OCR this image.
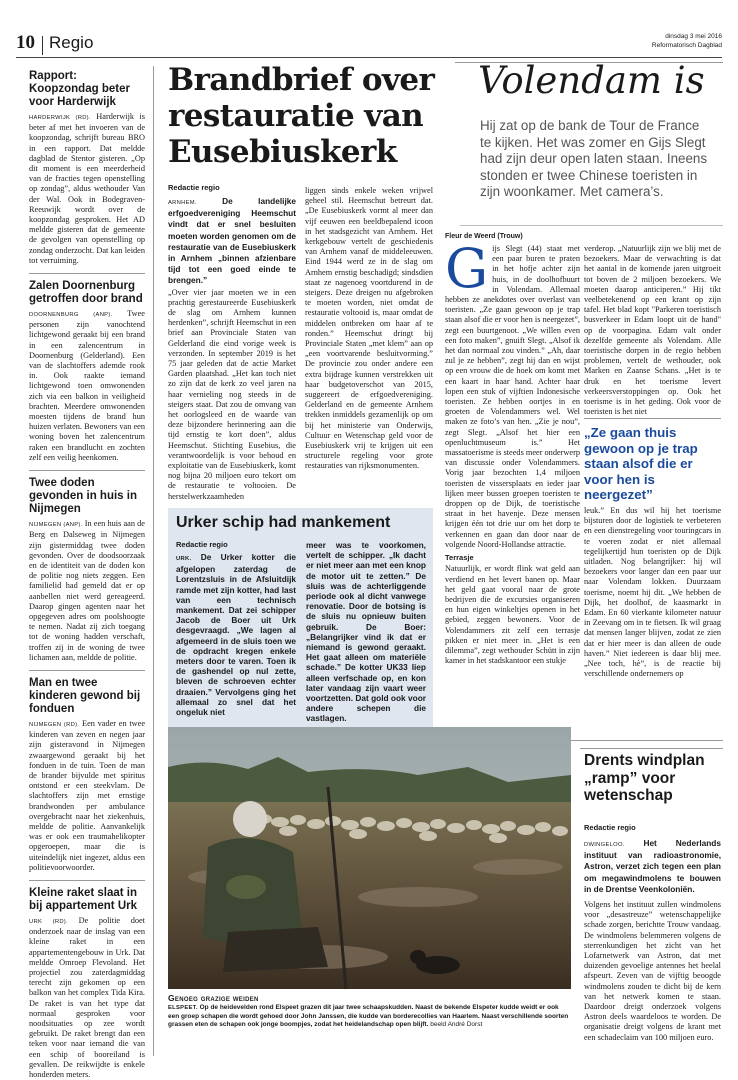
10 Regio	dinsdag 3 mei 2016
Reformatorisch Dagblad
Rapport: Koopzondag beter voor Harderwijk
HARDERWIJK (RD). Harderwijk is beter af met het invoeren van de koopzondag, schrijft bureau BRO in een rapport. Dat meldde dagblad de Stentor gisteren. „Op dit moment is een meerderheid van de fracties tegen openstelling op zondag”, aldus wethouder Van der Wal. Ook in Bodegraven-Reeuwijk wordt over de koopzondag gesproken. Het AD meldde gisteren dat de gemeente de gevolgen van openstelling op zondag onderzocht. Dat kan leiden tot verruiming.
Zalen Doornenburg getroffen door brand
DOORNENBURG (ANP). Twee personen zijn vanochtend lichtgewond geraakt bij een brand in een zalencentrum in Doornenburg (Gelderland). Een van de slachtoffers ademde rook in. Ook raakte iemand lichtgewond toen omwonenden zich via een balkon in veiligheid brachten. Meerdere omwonenden moesten tijdens de brand hun huizen verlaten. Bewoners van een woning boven het zalencentrum raken een brandlucht en zochten zelf een veilig heenkomen.
Twee doden gevonden in huis in Nijmegen
NIJMEGEN (ANP). In een huis aan de Berg en Dalseweg in Nijmegen zijn gistermiddag twee doden gevonden. Over de doodsoorzaak en de identiteit van de doden kon de politie nog niets zeggen. Een familielid had gemeld dat er op aanbellen niet werd gereageerd. Daarop gingen agenten naar het opgegeven adres om poolshoogte te nemen. Nadat zij zich toegang tot de woning hadden verschaft, troffen zij in de woning de twee lichamen aan, meldde de politie.
Man en twee kinderen gewond bij fonduen
NIJMEGEN (RD). Een vader en twee kinderen van zeven en negen jaar zijn gisteravond in Nijmegen zwaargewond geraakt bij het fonduen in de tuin. Toen de man de brander bijvulde met spiritus ontstond er een steekvlam. De slachtoffers zijn met ernstige brandwonden per ambulance overgebracht naar het ziekenhuis, meldde de politie. Aanvankelijk was er ook een traumahelikopter opgeroepen, maar die is uiteindelijk niet ingezet, aldus een politievoorwoorder.
Kleine raket slaat in bij appartement Urk
URK (RD). De politie doet onderzoek naar de inslag van een kleine raket in een appartementengebouw in Urk. Dat meldde Omroep Flevoland. Het projectiel zou zaterdagmiddag terecht zijn gekomen op een balkon van het complex Tida Kira. De raket is van het type dat normaal gesproken voor noodsituaties op zee wordt gebruikt. De raket brengt dan een teken voor naar iemand die van een schip of booreiland is gevallen. De reikwijdte is enkele honderden meters.
Brandbrief over restauratie van Eusebiuskerk
Redactie regio

ARNHEM.	De landelijke erfgoedvereniging Heemschut vindt dat er snel besluiten moeten worden genomen om de restauratie van de Eusebiuskerk in Arnhem „binnen afzienbare tijd tot een goed einde te brengen.”

„Over vier jaar moeten we in een prachtig gerestaureerde Eusebiuskerk de slag om Arnhem kunnen herdenken”, schrijft Heemschut in een brief aan Provinciale Staten van Gelderland die eind vorige week is verzonden. In september 2019 is het 75 jaar geleden dat de actie Market Garden plaatshad. „Het kan toch niet zo zijn dat de kerk zo veel jaren na haar vernieling nog steeds in de steigers staat. Dat zou de omvang van het oorlogsleed en de waarde van deze bijzondere herinnering aan die tijd ernstig te kort doen”, aldus Heemschut. Stichting Eusebius, die verantwoordelijk is voor behoud en exploitatie van de Eusebiuskerk, komt nog bijna 20 miljoen euro tekort om de restauratie te voltooien. De herstelwerkzaamheden

liggen sinds enkele weken vrijwel geheel stil. Heemschut betreurt dat. „De Eusebiuskerk vormt al meer dan vijf eeuwen een beeldbepalend icoon in het stadsgezicht van Arnhem. Het kerkgebouw vertelt de geschiedenis van Arnhem vanaf de middeleeuwen. Eind 1944 werd ze in de slag om Arnhem ernstig beschadigd; sindsdien staat ze nagenoeg voortdurend in de steigers. Deze dreigen nu afgebroken te moeten worden, niet omdat de restauratie voltooid is, maar omdat de middelen ontbreken om haar af te ronden.” Heemschut dringt bij Provinciale Staten „met klem” aan op „een voortvarende besluitvorming.” De provincie zou onder andere een extra bijdrage kunnen verstrekken uit haar budgetoverschot van 2015, suggereert de erfgoedvereniging. Gelderland en de gemeente Arnhem trekken inmiddels gezamenlijk op om bij het ministerie van Onderwijs, Cultuur en Wetenschap geld voor de Eusebiuskerk vrij te krijgen uit een structurele regeling voor grote restauraties van rijksmonumenten.
Urker schip had mankement
Redactie regio
URK. De Urker kotter die afgelopen zaterdag de Lorentzsluis in de Afsluitdijk ramde met zijn kotter, had last van een technisch mankement. Dat zei schipper Jacob de Boer uit Urk desgevraagd. „We lagen al afgemeerd in de sluis toen we de opdracht kregen enkele meters door te varen. Toen ik de gashendel op nul zette, bleven de schroeven echter draaien.” Vervolgens ging het allemaal zo snel dat het ongeluk niet
meer was te voorkomen, vertelt de schipper. „Ik dacht er niet meer aan met een knop de motor uit te zetten.” De sluis was de achterliggende periode ook al dicht vanwege renovatie. Door de botsing is de sluis nu opnieuw buiten gebruik. De Boer: „Belangrijker vind ik dat er niemand is gewond geraakt. Het gaat alleen om materiële schade.” De kotter UK33 liep alleen verfschade op, en kon later vandaag zijn vaart weer voortzetten. Dat gold ook voor andere schepen die vastlagen.
Volendam is
Hij zat op de bank de Tour de France te kijken. Het was zomer en Gijs Slegt had zijn deur open laten staan. Ineens stonden er twee Chinese toeristen in zijn woonkamer. Met camera’s.
Fleur de Weerd (Trouw)
G ijs Slegt (44) staat met een paar buren te praten in het hofje achter zijn huis, in de doolhofbuurt in Volendam. Allemaal hebben ze anekdotes over overlast van toeristen. „Ze gaan gewoon op je trap staan alsof die er voor hen is neergezet”, zegt een buurtgenoot. „We willen even een foto maken”, gnuift Slegt. „Alsof ik het dan normaal zou vinden.” „Ah, daar zul je ze hebben”, zegt hij dan en wijst op een vrouw die de hoek om komt met een kaart in haar hand. Achter haar lopen een stuk of vijftien Indonesische toeristen. Ze hebben oortjes in en groeten de Volendammers wel. Wel maken ze foto’s van hen. „Zie je nou”, zegt Slegt. „Alsof het hier een openluchtmuseum is.” Het massatoerisme is steeds meer onderwerp van discussie onder Volendammers. Vorig jaar bezochten 1,4 miljoen toeristen de vissersplaats en ieder jaar lijken meer bussen groepen toeristen te droppen op de Dijk, de toeristische straat in het havenje. Deze mensen krijgen één tot drie uur om het dorp te verkennen en gaan dan door naar de volgende Noord-Hollandse attractie.

Terrasje

Natuurlijk, er wordt flink wat geld aan verdiend en het levert banen op. Maar het geld gaat vooral naar de grote bedrijven die de excursies organiseren en hun eigen winkeltjes openen in het gebied, zeggen bewoners. Voor de Volendammers zit zelf een terrasje pikken er niet meer in. „Het is een dilemma”, zegt wethouder Schütt in zijn kamer in het stadskantoor een stukje

verderop. „Natuurlijk zijn we blij met de bezoekers. Maar de verwachting is dat het aantal in de komende jaren uitgroeit tot boven de 2 miljoen bezoekers. We moeten daarop anticiperen.” Hij tikt veelbetekenend op een krant op zijn tafel. Het blad kopt "Parkeren toeristisch busverkeer in Edam loopt uit de hand" op de voorpagina. Edam valt onder dezelfde gemeente als Volendam. Alle toeristische dorpen in de regio hebben problemen, vertelt de wethouder, ook Marken en Zaanse Schans. „Het is te druk en het toerisme levert verkeersverstoppingen op. Ook het toerisme is in het geding. Ook voor de toeristen is het niet
„Ze gaan thuis gewoon op je trap staan alsof die er voor hen is neergezet”
leuk.” En dus wil hij het toerisme bijsturen door de logistiek te verbeteren en een dienstregeling voor touringcars in te voeren zodat er niet allemaal tegelijkertijd hun toeristen op de Dijk uitladen. Nog belangrijker: hij wil bezoekers voor langer dan een paar uur naar Volendam lokken. Duurzaam toerisme, noemt hij dit. „We hebben de Dijk, het doolhof, de kaasmarkt in Edam. En 60 vierkante kilometer natuur in Zeevang om in te fietsen. Ik wil graag dat mensen langer blijven, zodat ze zien dat er hier meer is dan alleen de oude haven.” Niet iedereen is daar blij mee. „Nee toch, hè”, is de reactie bij verschillende ondernemers op
Genoeg grazige weiden
ELSPEET. Op de heidevelden rond Elspeet grazen dit jaar twee schaapskudden. Naast de bekende Elspeter kudde weidt er ook een groep schapen die wordt gehoed door John Janssen, die kudde van borderecollies van Haarlem. Naast verschillende soorten grassen eten de schapen ook jonge boompjes, zodat het heidelandschap open blijft. beeld André Dorst
Drents windplan „ramp” voor wetenschap
Redactie regio

DWINGELOO. Het Nederlands instituut van radioastronomie, Astron, verzet zich tegen een plan om megawindmolens te bouwen in de Drentse Veenkoloniën.

Volgens het instituut zullen windmolens voor „desastreuze” wetenschappelijke schade zorgen, berichtte Trouw vandaag. De windmolens belemmeren volgens de sterrenkundigen het zicht van het Lofarnetwerk van Astron, dat met duizenden gevoelige antennes het heelal afspeurt. Zeven van de vijftig beoogde windmolens zouden te dicht bij de kern van het netwerk komen te staan. Daardoor dreigt onderzoek volgens Astron deels waardeloos te worden. De organisatie dreigt volgens de krant met een schadeclaim van 100 miljoen euro.
